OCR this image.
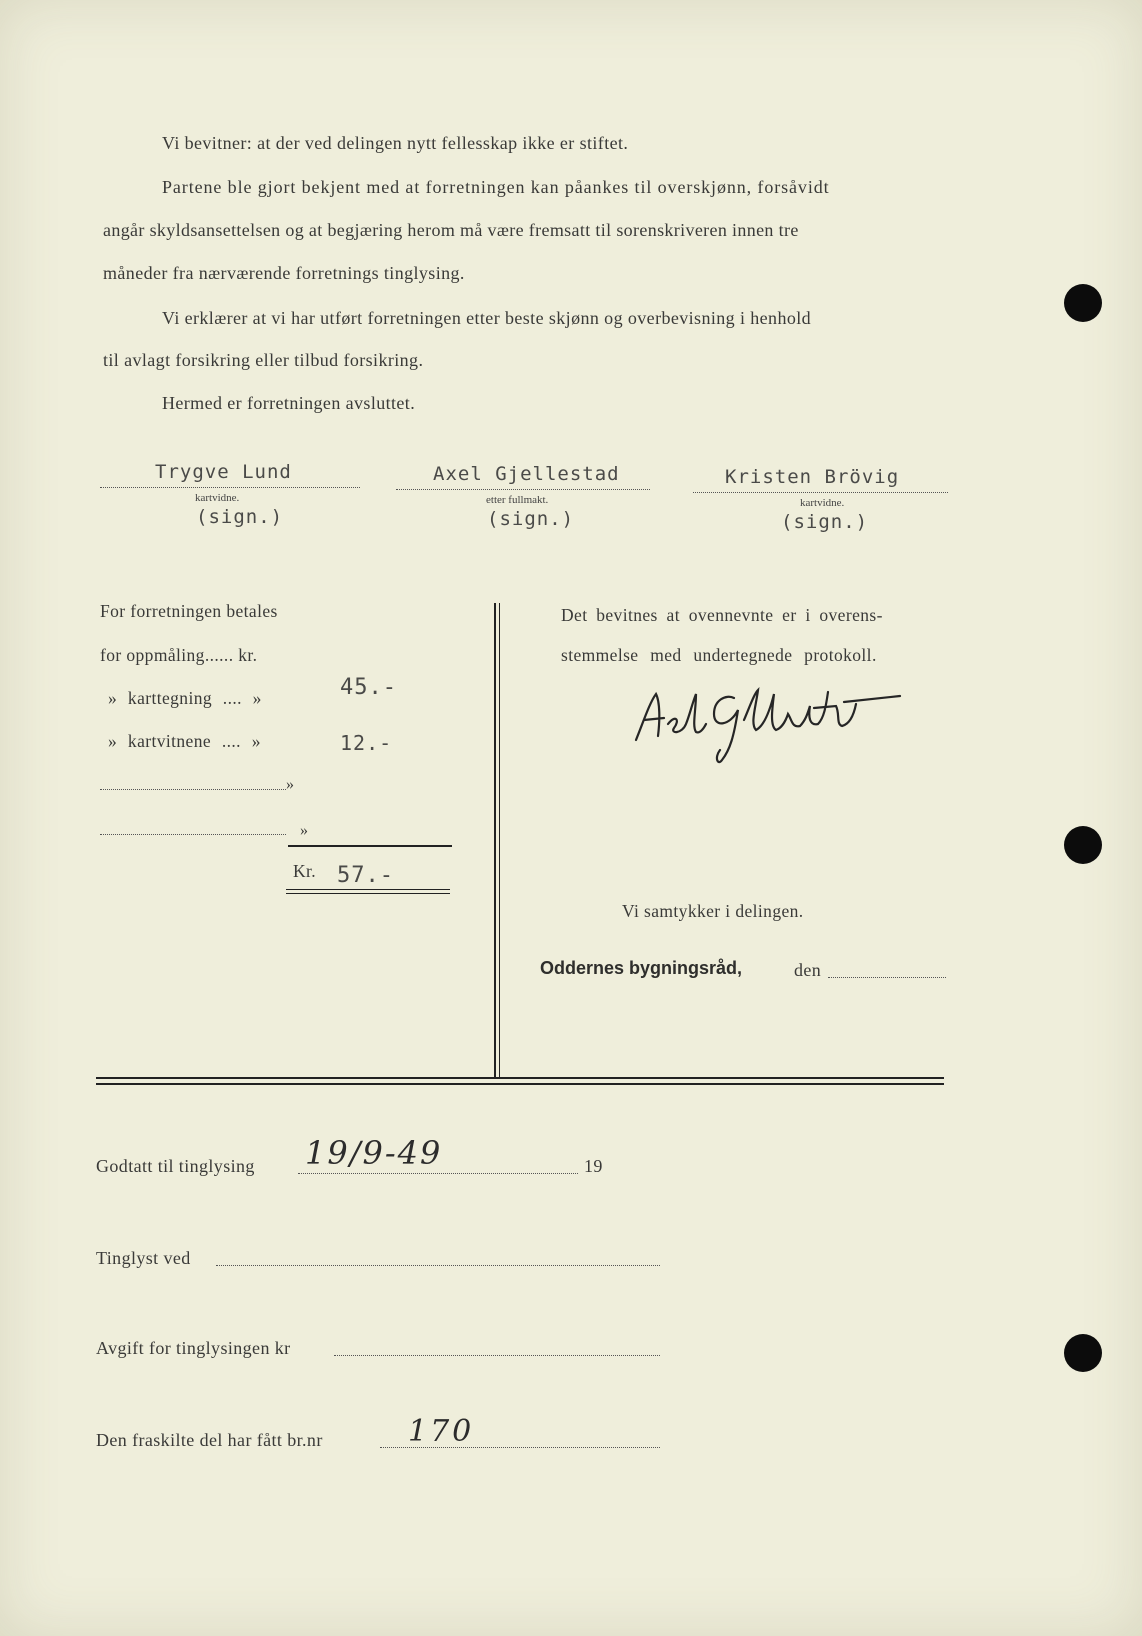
Vi bevitner: at der ved delingen nytt fellesskap ikke er stiftet.
Partene ble gjort bekjent med at forretningen kan påankes til overskjønn, forsåvidt
angår skyldsansettelsen og at begjæring herom må være fremsatt til sorenskriveren innen tre
måneder fra nærværende forretnings tinglysing.
Vi erklærer at vi har utført forretningen etter beste skjønn og overbevisning i henhold
til avlagt forsikring eller tilbud forsikring.
Hermed er forretningen avsluttet.
Trygve Lund
kartvidne.
(sign.)
Axel Gjellestad
etter fullmakt.
(sign.)
Kristen Brövig
kartvidne.
(sign.)
For forretningen betales
for oppmåling...... kr.
» karttegning .... »	45.-
» kartvitnene .... »	12.-
»
»
Kr. 57.-
Det bevitnes at ovennevnte er i overens-
stemmelse med undertegnede protokoll.
Vi samtykker i delingen.
Oddernes bygningsråd,	den
Godtatt til tinglysing 19/9-49	19
Tinglyst ved
Avgift for tinglysingen kr
Den fraskilte del har fått br.nr	170
